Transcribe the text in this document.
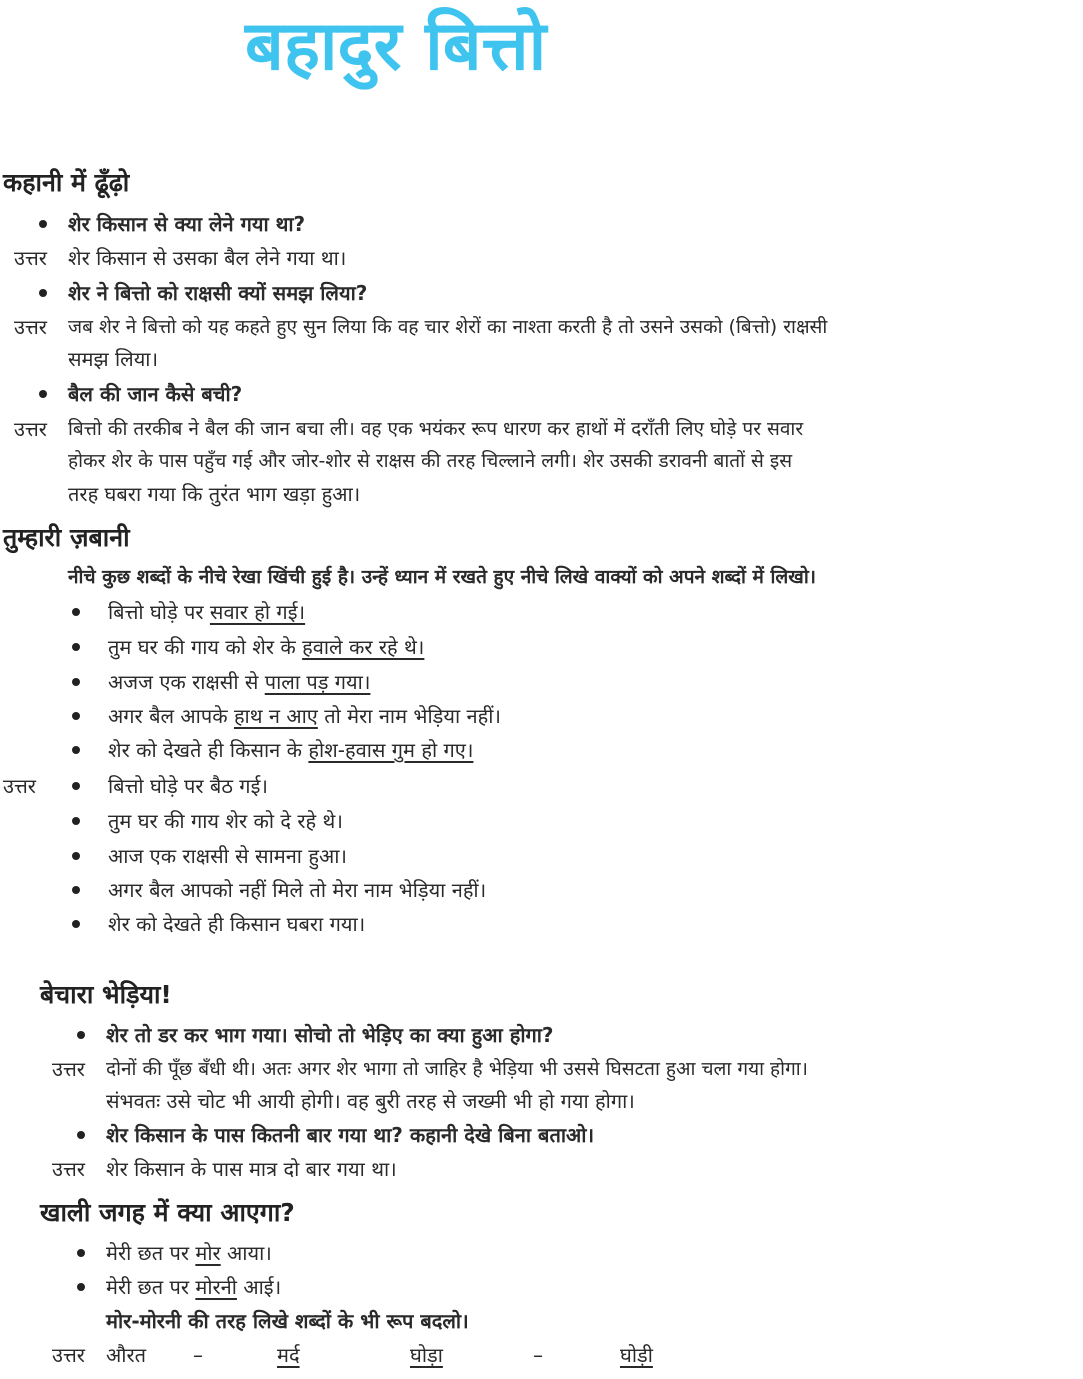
बहादुर बित्तो
कहानी में ढूँढ़ो
शेर किसान से क्या लेने गया था?
उत्तर शेर किसान से उसका बैल लेने गया था।
शेर ने बित्तो को राक्षसी क्यों समझ लिया?
उत्तर जब शेर ने बित्तो को यह कहते हुए सुन लिया कि वह चार शेरों का नाश्ता करती है तो उसने उसको (बित्तो) राक्षसी
समझ लिया।
बैल की जान कैसे बची?
उत्तर बित्तो की तरकीब ने बैल की जान बचा ली। वह एक भयंकर रूप धारण कर हाथों में दराँती लिए घोड़े पर सवार
होकर शेर के पास पहुँच गई और जोर-शोर से राक्षस की तरह चिल्लाने लगी। शेर उसकी डरावनी बातों से इस
तरह घबरा गया कि तुरंत भाग खड़ा हुआ।
तुम्हारी ज़बानी
नीचे कुछ शब्दों के नीचे रेखा खिंची हुई है। उन्हें ध्यान में रखते हुए नीचे लिखे वाक्यों को अपने शब्दों में लिखो।
बित्तो घोड़े पर सवार हो गई।
तुम घर की गाय को शेर के हवाले कर रहे थे।
अजज एक राक्षसी से पाला पड़ गया।
अगर बैल आपके हाथ न आए तो मेरा नाम भेड़िया नहीं।
शेर को देखते ही किसान के होश-हवास गुम हो गए।
उत्तर	बित्तो घोड़े पर बैठ गई।
तुम घर की गाय शेर को दे रहे थे।
आज एक राक्षसी से सामना हुआ।
अगर बैल आपको नहीं मिले तो मेरा नाम भेड़िया नहीं।
शेर को देखते ही किसान घबरा गया।
बेचारा भेड़िया!
शेर तो डर कर भाग गया। सोचो तो भेड़िए का क्या हुआ होगा?
उत्तर दोनों की पूँछ बँधी थी। अतः अगर शेर भागा तो जाहिर है भेड़िया भी उससे घिसटता हुआ चला गया होगा।
संभवतः उसे चोट भी आयी होगी। वह बुरी तरह से जख्मी भी हो गया होगा।
शेर किसान के पास कितनी बार गया था? कहानी देखे बिना बताओ।
उत्तर शेर किसान के पास मात्र दो बार गया था।
खाली जगह में क्या आएगा?
मेरी छत पर मोर आया।
मेरी छत पर मोरनी आई।
मोर-मोरनी की तरह लिखे शब्दों के भी रूप बदलो।
उत्तर औरत –	मर्द	घोड़ा	–	घोड़ी
